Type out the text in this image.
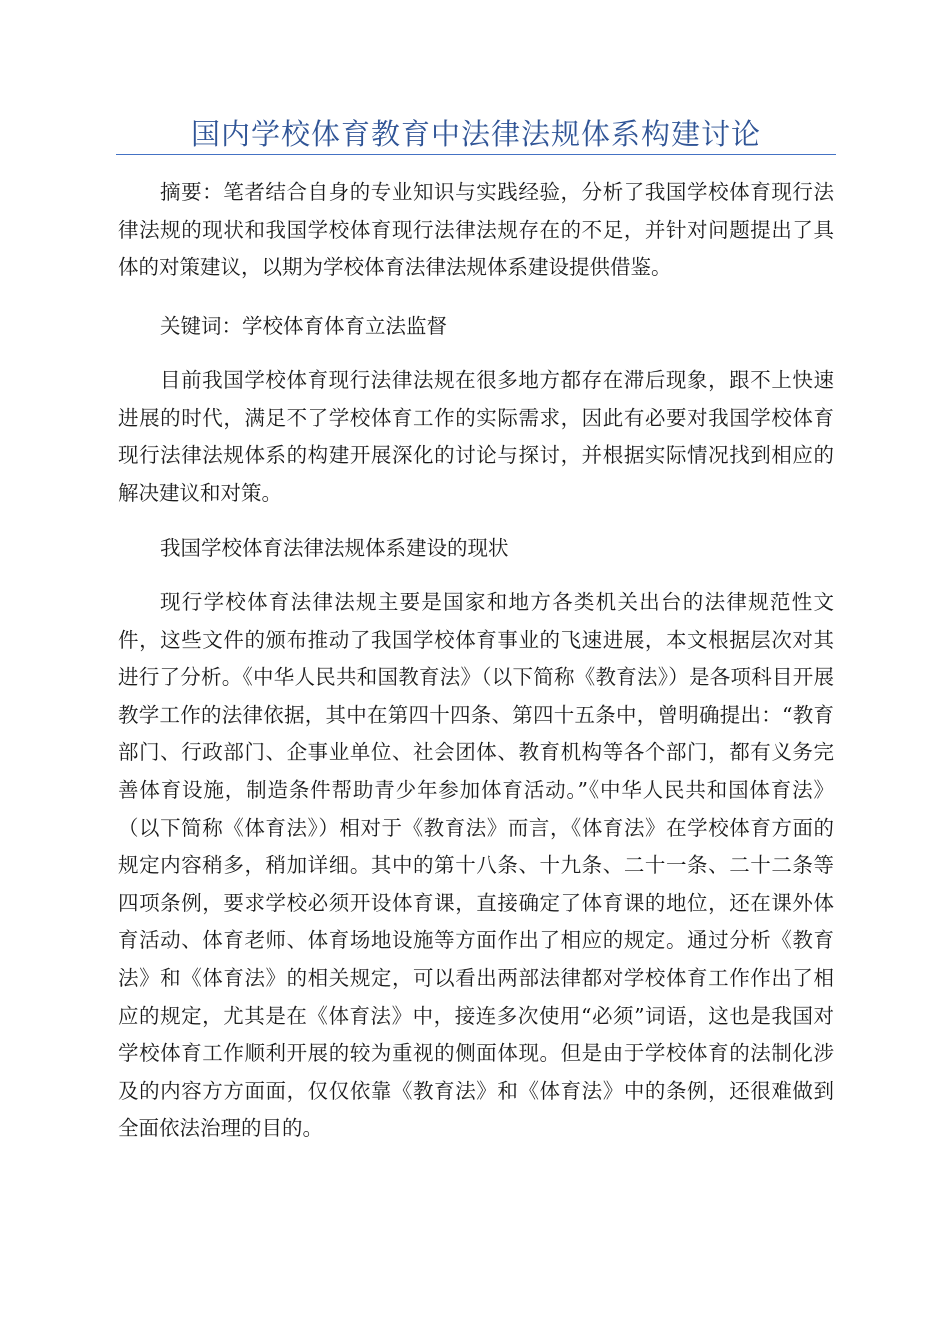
国内学校体育教育中法律法规体系构建讨论

摘要：笔者结合自身的专业知识与实践经验，分析了我国学校体育现行法律法规的现状和我国学校体育现行法律法规存在的不足，并针对问题提出了具体的对策建议，以期为学校体育法律法规体系建设提供借鉴。

关键词：学校体育体育立法监督

目前我国学校体育现行法律法规在很多地方都存在滞后现象，跟不上快速进展的时代，满足不了学校体育工作的实际需求，因此有必要对我国学校体育现行法律法规体系的构建开展深化的讨论与探讨，并根据实际情况找到相应的解决建议和对策。

我国学校体育法律法规体系建设的现状

现行学校体育法律法规主要是国家和地方各类机关出台的法律规范性文件，这些文件的颁布推动了我国学校体育事业的飞速进展，本文根据层次对其进行了分析。《中华人民共和国教育法》（以下简称《教育法》）是各项科目开展教学工作的法律依据，其中在第四十四条、第四十五条中，曾明确提出：“教育部门、行政部门、企事业单位、社会团体、教育机构等各个部门，都有义务完善体育设施，制造条件帮助青少年参加体育活动。”《中华人民共和国体育法》（以下简称《体育法》）相对于《教育法》而言，《体育法》在学校体育方面的规定内容稍多，稍加详细。其中的第十八条、十九条、二十一条、二十二条等四项条例，要求学校必须开设体育课，直接确定了体育课的地位，还在课外体育活动、体育老师、体育场地设施等方面作出了相应的规定。通过分析《教育法》和《体育法》的相关规定，可以看出两部法律都对学校体育工作作出了相应的规定，尤其是在《体育法》中，接连多次使用“必须”词语，这也是我国对学校体育工作顺利开展的较为重视的侧面体现。但是由于学校体育的法制化涉及的内容方方面面，仅仅依靠《教育法》和《体育法》中的条例，还很难做到全面依法治理的目的。
